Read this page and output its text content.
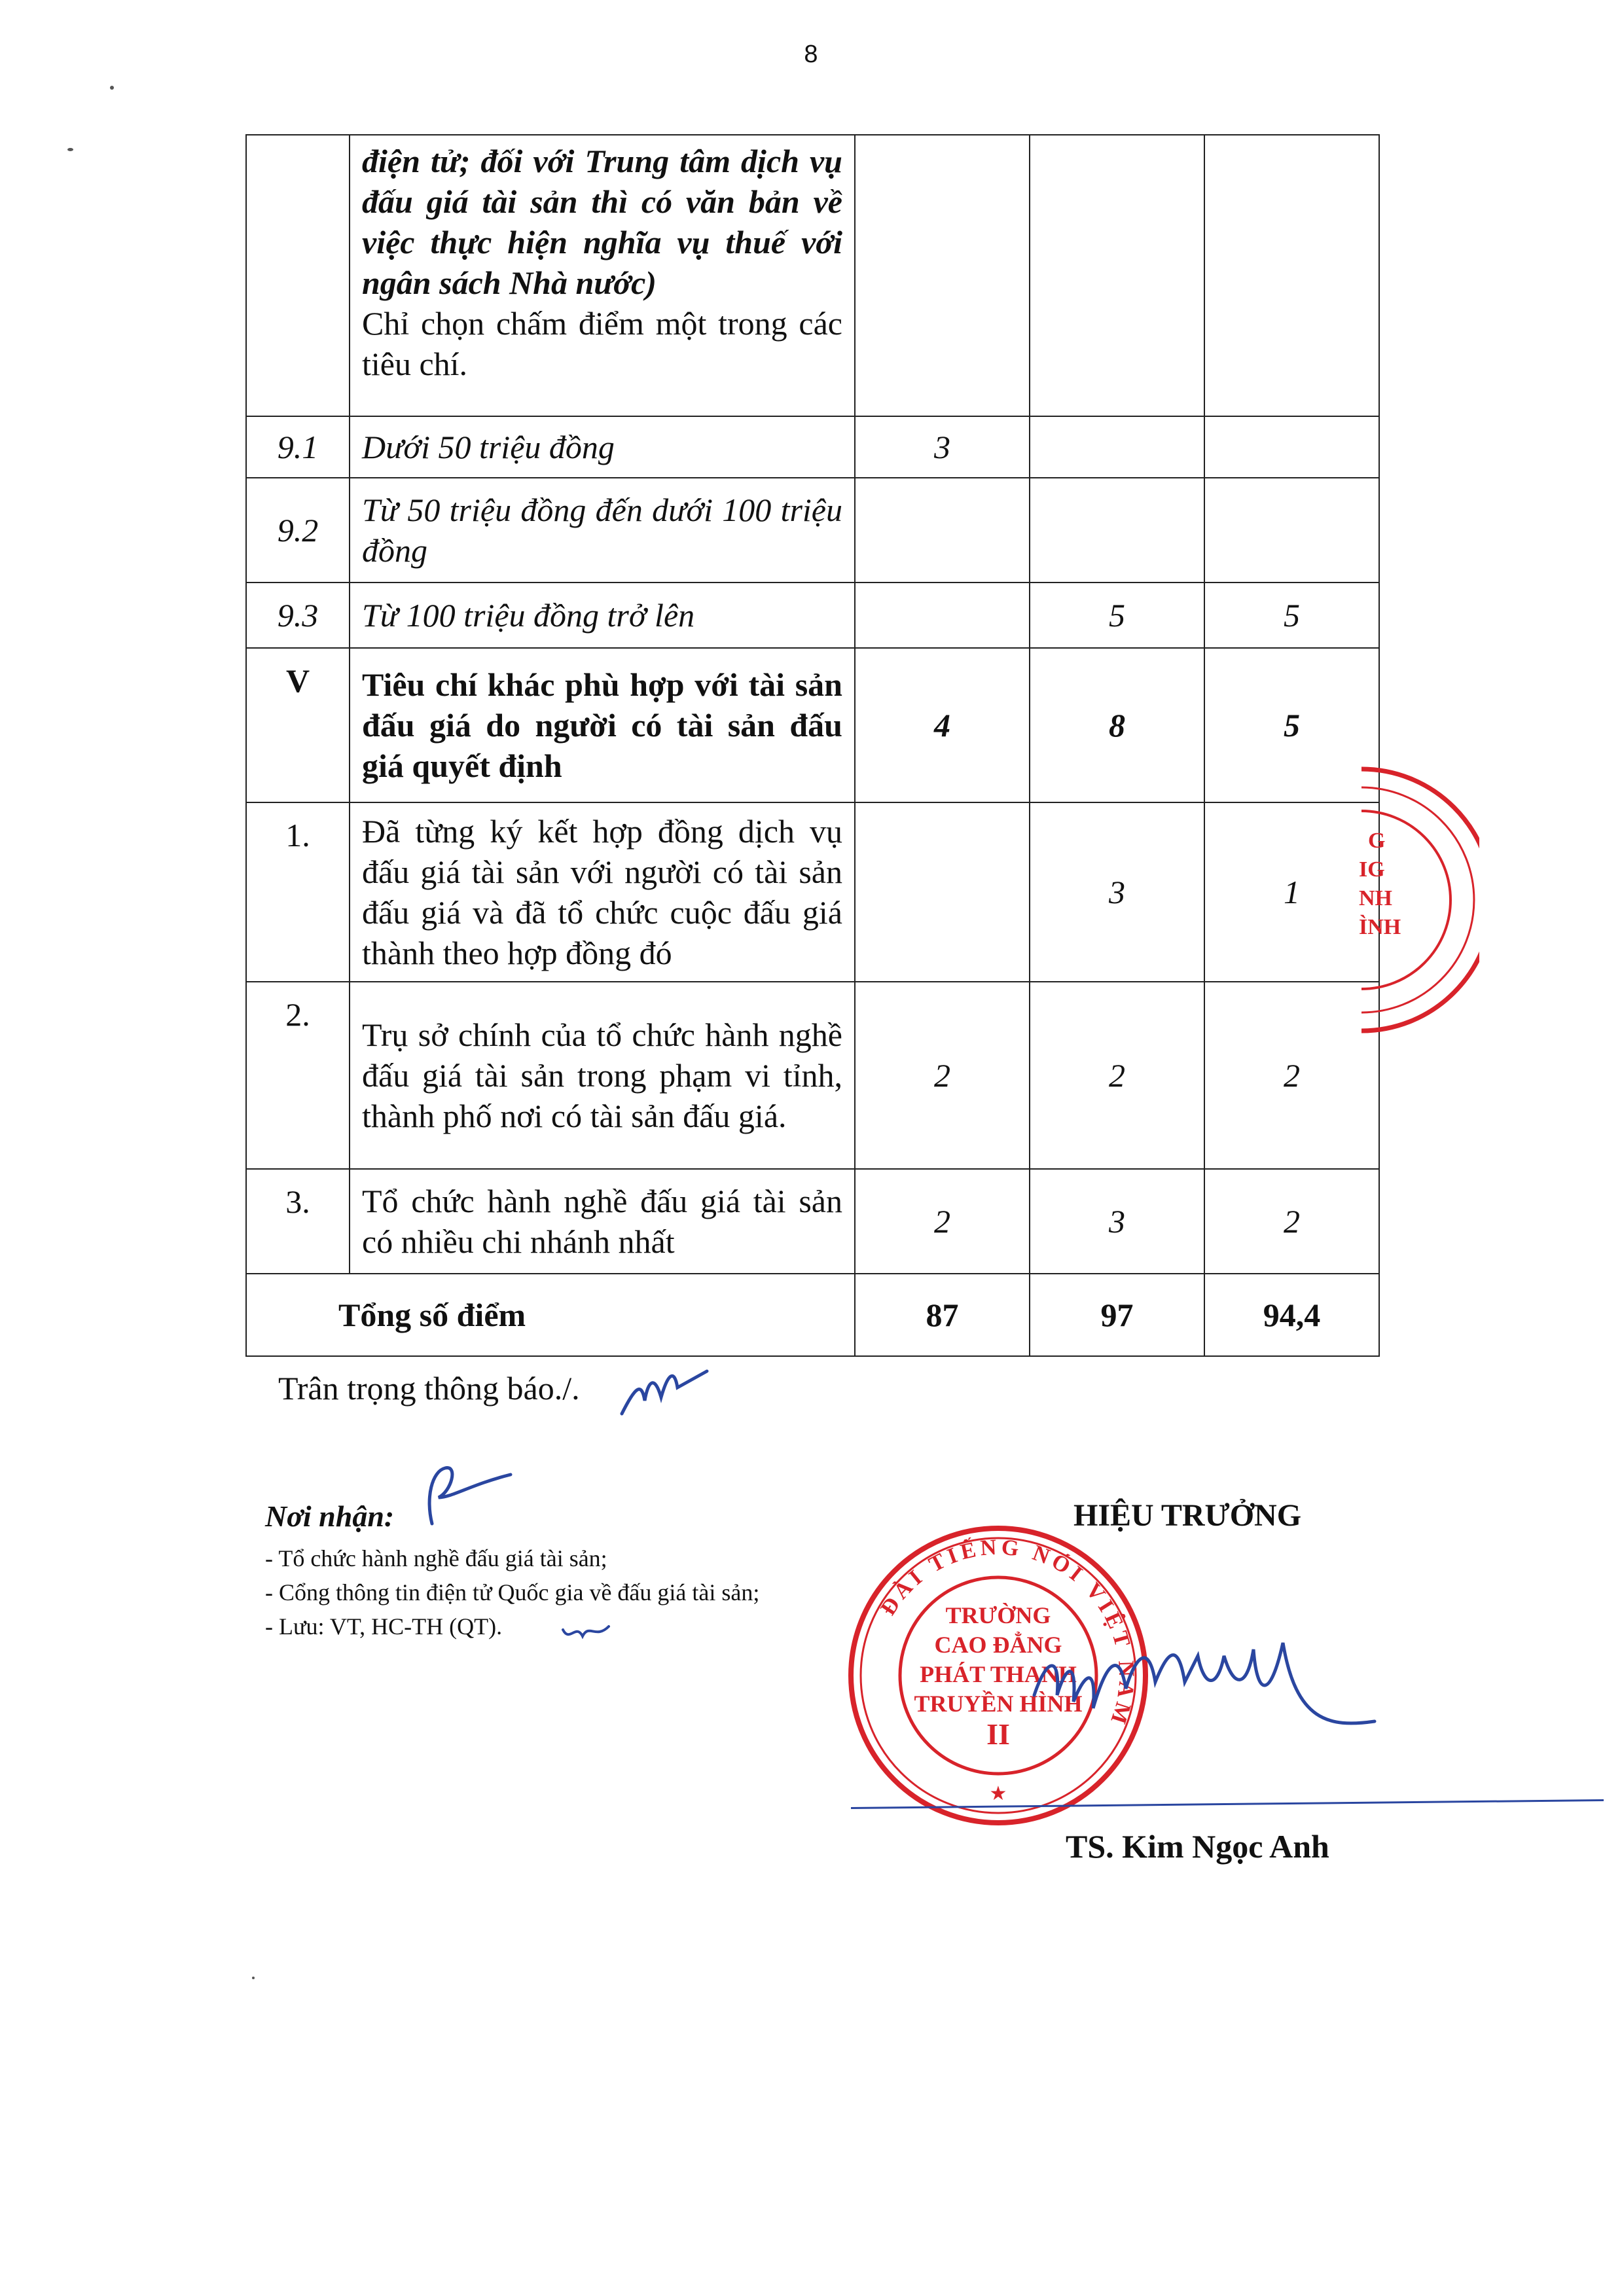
8

	điện tử; đối với Trung tâm dịch vụ đấu giá tài sản thì có văn bản về việc thực hiện nghĩa vụ thuế với ngân sách Nhà nước)
Chỉ chọn chấm điểm một trong các tiêu chí.			

9.1	Dưới 50 triệu đồng	3		
9.2	Từ 50 triệu đồng đến dưới 100 triệu đồng			
9.3	Từ 100 triệu đồng trở lên		5	5
V	Tiêu chí khác phù hợp với tài sản đấu giá do người có tài sản đấu giá quyết định	4	8	5
1.	Đã từng ký kết hợp đồng dịch vụ đấu giá tài sản với người có tài sản đấu giá và đã tổ chức cuộc đấu giá thành theo hợp đồng đó		3	1
2.	Trụ sở chính của tổ chức hành nghề đấu giá tài sản trong phạm vi tỉnh, thành phố nơi có tài sản đấu giá.	2	2	2
3.	Tổ chức hành nghề đấu giá tài sản có nhiều chi nhánh nhất	2	3	2
Tổng số điểm		87	97	94,4
G
IG
NH
ÌNH
Trân trọng thông báo./.
Nơi nhận:
- Tổ chức hành nghề đấu giá tài sản;
- Cổng thông tin điện tử Quốc gia về đấu giá tài sản;
- Lưu: VT, HC-TH (QT).
HIỆU TRƯỞNG
ĐÀI TIẾNG NÓI VIỆT NAM
TRƯỜNG
CAO ĐẲNG
PHÁT THANH
TRUYỀN HÌNH
II
★
TS. Kim Ngọc Anh
